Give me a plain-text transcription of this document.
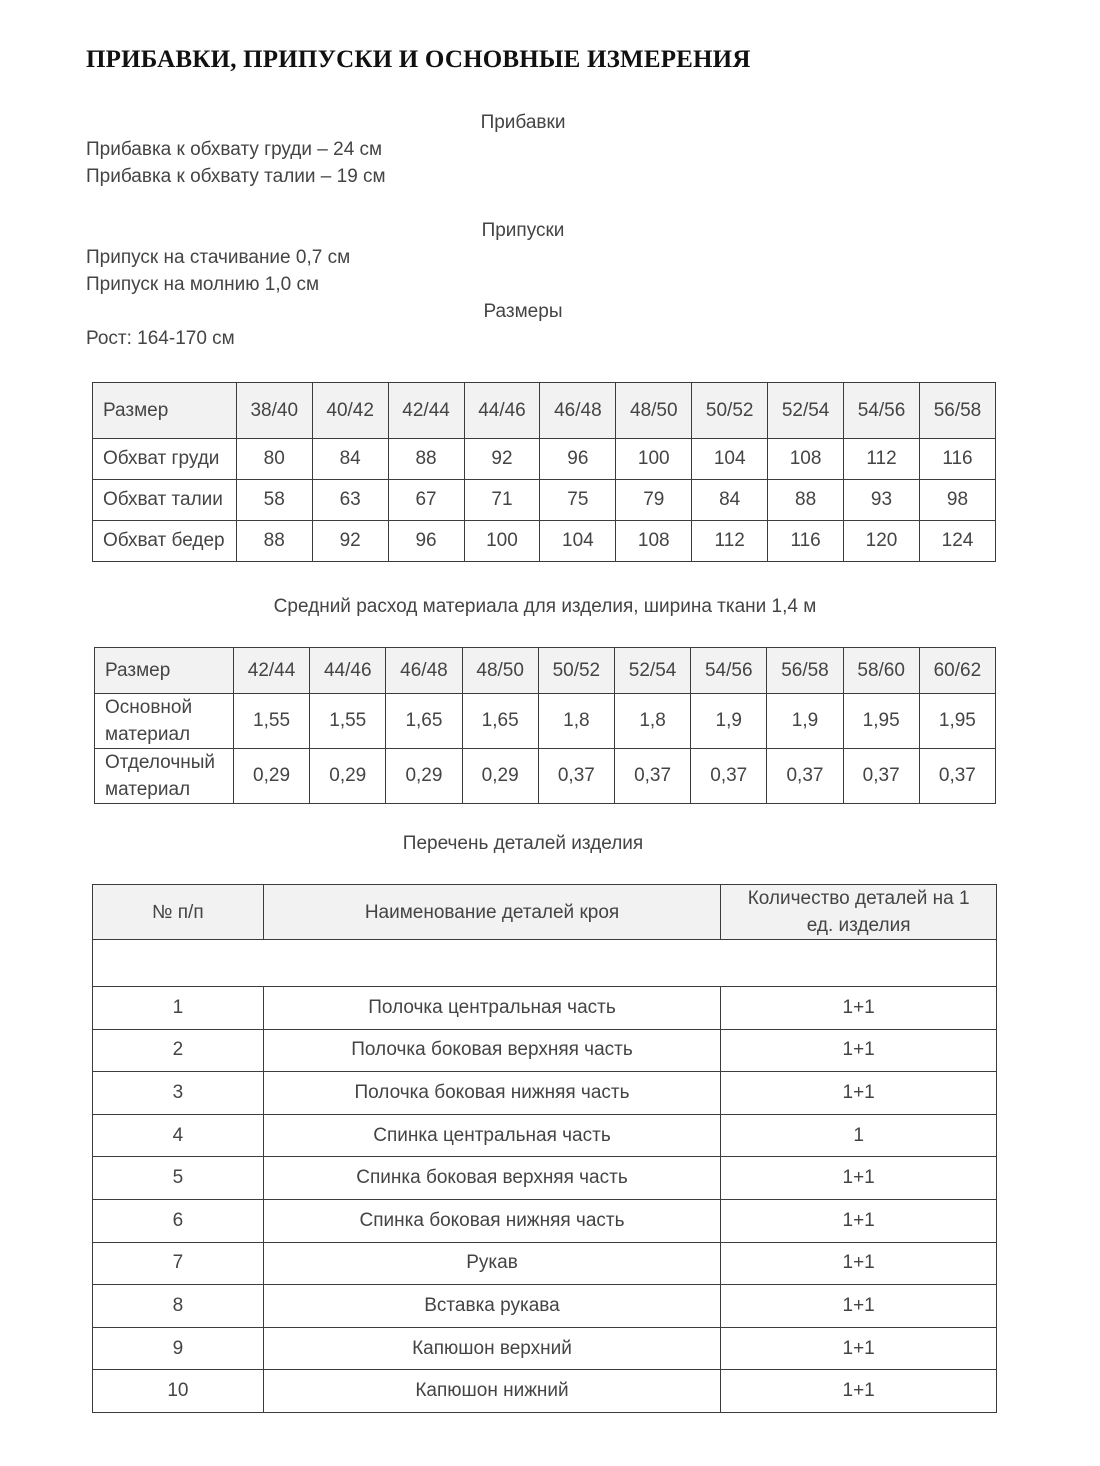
ПРИБАВКИ, ПРИПУСКИ И ОСНОВНЫЕ ИЗМЕРЕНИЯ
Прибавки
Прибавка к обхвату груди – 24 см
Прибавка к обхвату талии – 19 см
Припуски
Припуск на стачивание 0,7 см
Припуск на молнию 1,0 см
Размеры
Рост: 164-170 см
Размер	38/40	40/42	42/44	44/46	46/48	48/50	50/52	52/54	54/56	56/58
Обхват груди	80	84	88	92	96	100	104	108	112	116
Обхват талии	58	63	67	71	75	79	84	88	93	98
Обхват бедер	88	92	96	100	104	108	112	116	120	124
Средний расход материала для изделия, ширина ткани 1,4 м
Размер	42/44	44/46	46/48	48/50	50/52	52/54	54/56	56/58	58/60	60/62
Основной
материал	1,55	1,55	1,65	1,65	1,8	1,8	1,9	1,9	1,95	1,95
Отделочный
материал	0,29	0,29	0,29	0,29	0,37	0,37	0,37	0,37	0,37	0,37
Перечень деталей изделия
№ п/п	Наименование деталей кроя	Количество деталей на 1
ед. изделия

1	Полочка центральная часть	1+1
2	Полочка боковая верхняя часть	1+1
3	Полочка боковая нижняя часть	1+1
4	Спинка центральная часть	1
5	Спинка боковая верхняя часть	1+1
6	Спинка боковая нижняя часть	1+1
7	Рукав	1+1
8	Вставка рукава	1+1
9	Капюшон верхний	1+1
10	Капюшон нижний	1+1
